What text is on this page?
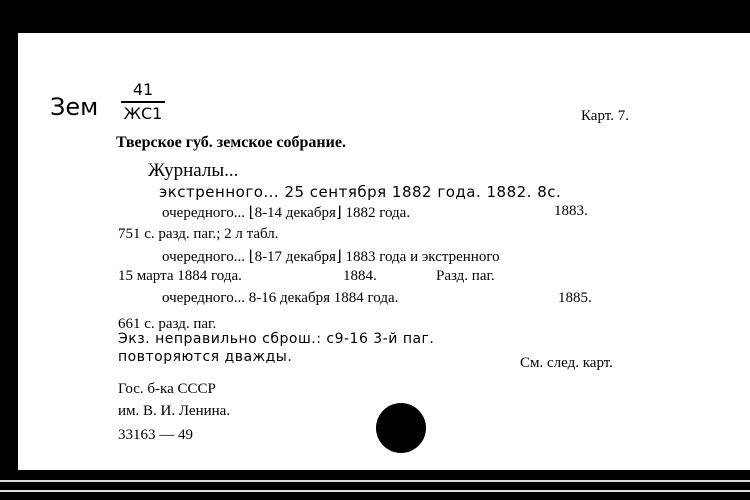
Зем
41
ЖС1	Карт. 7.
Тверское губ. земское собрание.
Журналы...
экстренного... 25 сентября 1882 года. 1882. 8с.
очередного... ⌊8-14 декабря⌋ 1882 года.	1883.
751 с. разд. паг.; 2 л табл.
очередного... ⌊8-17 декабря⌋ 1883 года и экстренного
15 марта 1884 года.	1884.	Разд. паг.
очередного... 8-16 декабря 1884 года.	1885.
661 с. разд. паг.
Экз. неправильно сброш.: с9-16 3-й паг.
повторяются дважды.	См. след. карт.
Гос. б-ка СССР
им. В. И. Ленина.
33163 — 49
